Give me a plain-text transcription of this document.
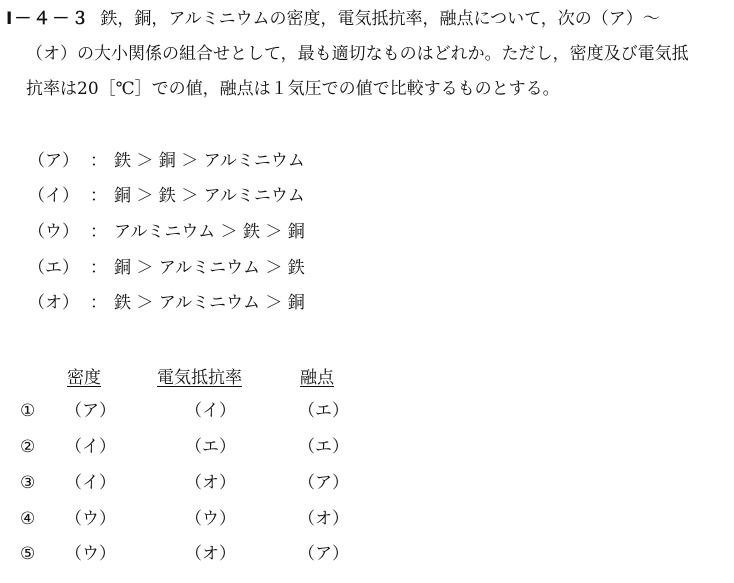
Ⅰ－４－３ 鉄，銅，アルミニウムの密度，電気抵抗率，融点について，次の（ア）～
（オ）の大小関係の組合せとして，最も適切なものはどれか。ただし，密度及び電気抵
抗率は20［℃］での値，融点は１気圧での値で比較するものとする。
（ア） ： 鉄 ＞ 銅 ＞ アルミニウム
（イ） ： 銅 ＞ 鉄 ＞ アルミニウム
（ウ） ： アルミニウム ＞ 鉄 ＞ 銅
（エ） ： 銅 ＞ アルミニウム ＞ 鉄
（オ） ： 鉄 ＞ アルミニウム ＞ 銅
密度	電気抵抗率	融点
① （ア）	（イ）	（エ）
② （イ）	（エ）	（エ）
③ （イ）	（オ）	（ア）
④ （ウ）	（ウ）	（オ）
⑤ （ウ）	（オ）	（ア）
